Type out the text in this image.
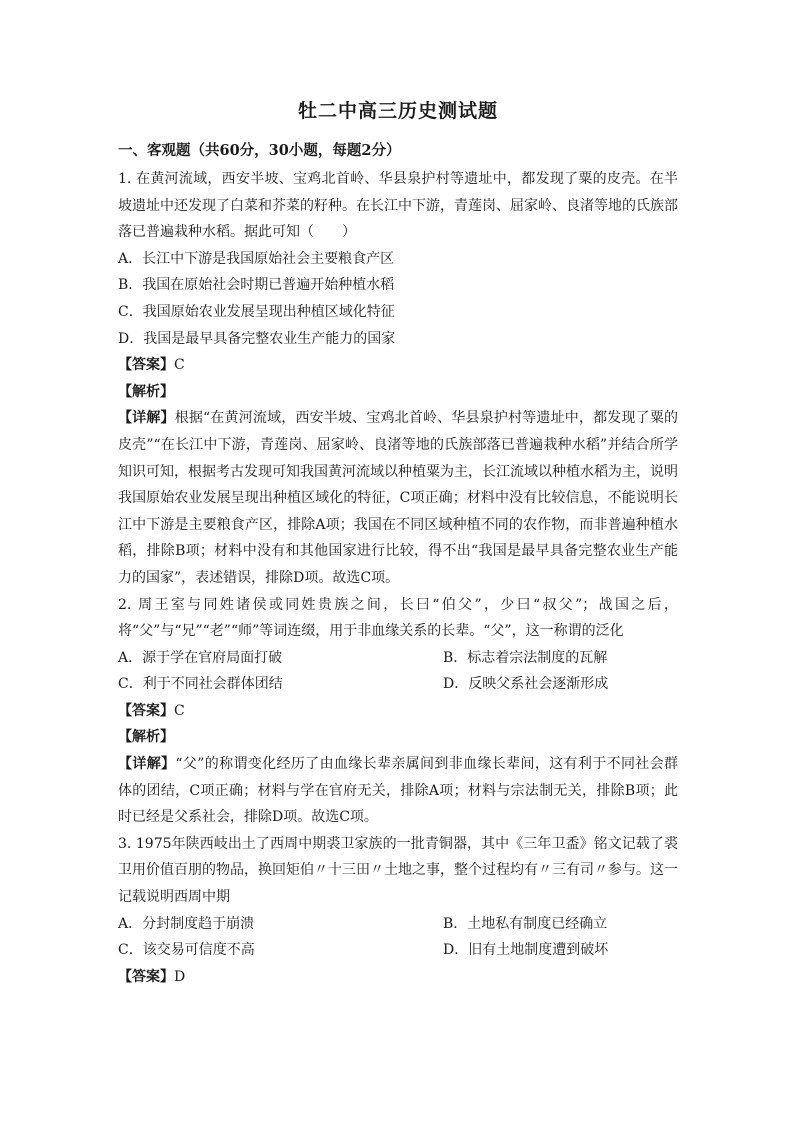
牡二中高三历史测试题
一、客观题（共60分，30小题，每题2分）
1. 在黄河流域，西安半坡、宝鸡北首岭、华县泉护村等遗址中，都发现了粟的皮壳。在半坡遗址中还发现了白菜和芥菜的籽种。在长江中下游，青莲岗、屈家岭、良渚等地的氏族部落已普遍栽种水稻。据此可知（　　）
A．长江中下游是我国原始社会主要粮食产区
B．我国在原始社会时期已普遍开始种植水稻
C．我国原始农业发展呈现出种植区域化特征
D．我国是最早具备完整农业生产能力的国家
【答案】C
【解析】
【详解】根据“在黄河流域，西安半坡、宝鸡北首岭、华县泉护村等遗址中，都发现了粟的皮壳”“在长江中下游，青莲岗、屈家岭、良渚等地的氏族部落已普遍栽种水稻”并结合所学知识可知，根据考古发现可知我国黄河流域以种植粟为主，长江流域以种植水稻为主，说明我国原始农业发展呈现出种植区域化的特征，C项正确；材料中没有比较信息，不能说明长江中下游是主要粮食产区，排除A项；我国在不同区域种植不同的农作物，而非普遍种植水稻，排除B项；材料中没有和其他国家进行比较，得不出“我国是最早具备完整农业生产能力的国家”，表述错误，排除D项。故选C项。
2. 周王室与同姓诸侯或同姓贵族之间，长曰“伯父”，少曰“叔父”；战国之后，将“父”与“兄”“老”“师”等词连缀，用于非血缘关系的长辈。“父”，这一称谓的泛化
A．源于学在官府局面打破	B．标志着宗法制度的瓦解
C．利于不同社会群体团结	D．反映父系社会逐渐形成
【答案】C
【解析】
【详解】“父”的称谓变化经历了由血缘长辈亲属间到非血缘长辈间，这有利于不同社会群体的团结，C项正确；材料与学在官府无关，排除A项；材料与宗法制无关，排除B项；此时已经是父系社会，排除D项。故选C项。
3. 1975年陕西岐出土了西周中期裘卫家族的一批青铜器，其中《三年卫盉》铭文记载了裘卫用价值百朋的物品，换回矩伯〃十三田〃土地之事，整个过程均有〃三有司〃参与。这一记载说明西周中期
A．分封制度趋于崩溃	B．土地私有制度已经确立
C．该交易可信度不高	D．旧有土地制度遭到破坏
【答案】D
